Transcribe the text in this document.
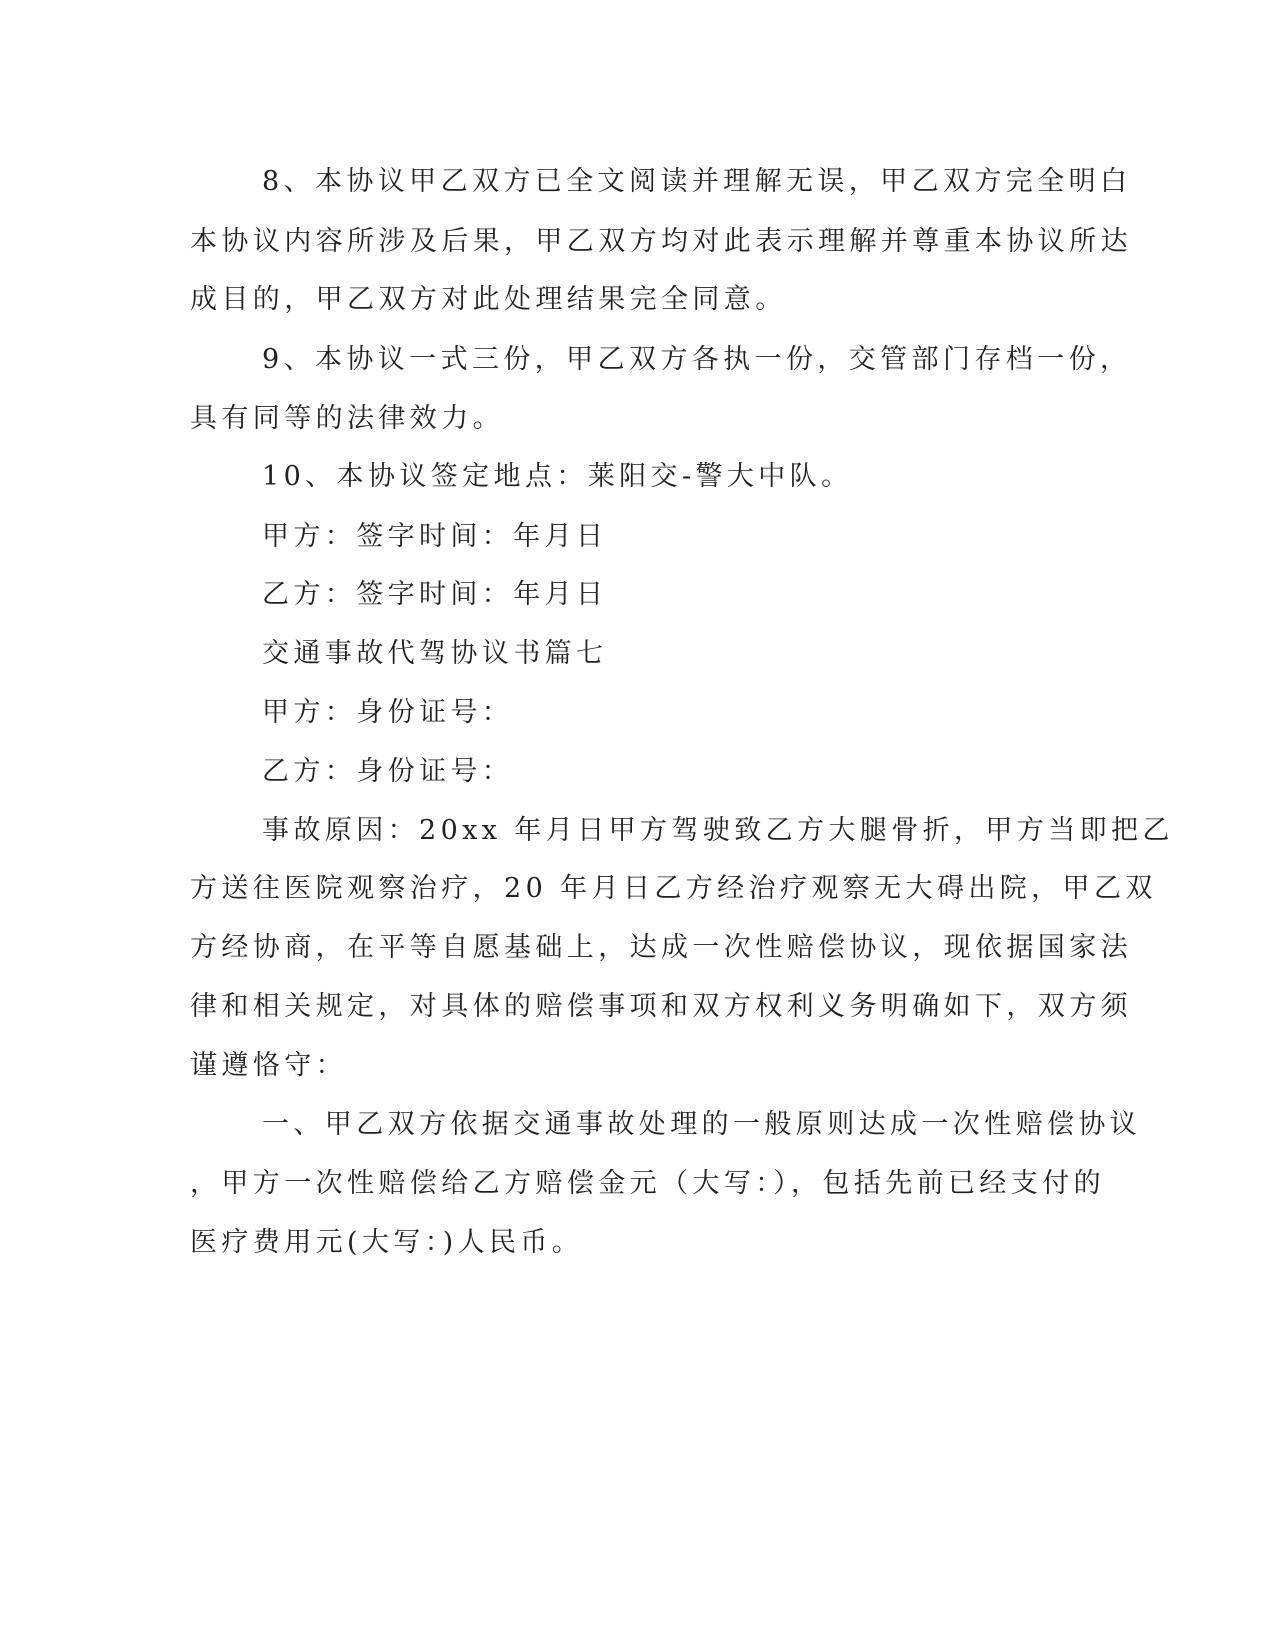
8、本协议甲乙双方已全文阅读并理解无误，甲乙双方完全明白

本协议内容所涉及后果，甲乙双方均对此表示理解并尊重本协议所达

成目的，甲乙双方对此处理结果完全同意。

9、本协议一式三份，甲乙双方各执一份，交管部门存档一份，

具有同等的法律效力。

10、本协议签定地点：莱阳交-警大中队。

甲方：签字时间：年月日

乙方：签字时间：年月日

交通事故代驾协议书篇七

甲方：身份证号：

乙方：身份证号：

事故原因：20xx 年月日甲方驾驶致乙方大腿骨折，甲方当即把乙

方送往医院观察治疗，20 年月日乙方经治疗观察无大碍出院，甲乙双

方经协商，在平等自愿基础上，达成一次性赔偿协议，现依据国家法

律和相关规定，对具体的赔偿事项和双方权利义务明确如下，双方须

谨遵恪守：

一、甲乙双方依据交通事故处理的一般原则达成一次性赔偿协议

，甲方一次性赔偿给乙方赔偿金元（大写：），包括先前已经支付的

医疗费用元(大写：)人民币。
